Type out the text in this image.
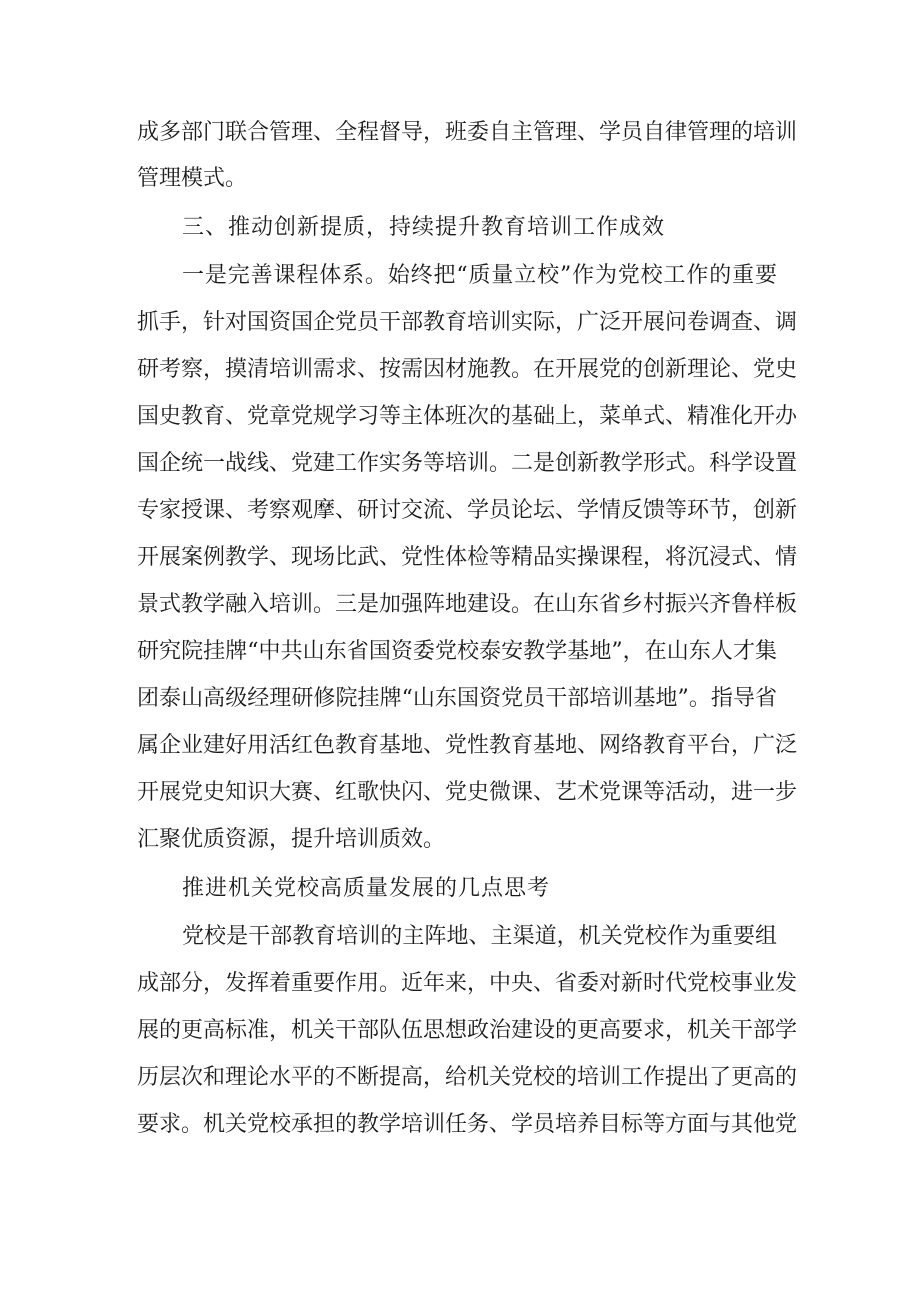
成多部门联合管理、全程督导，班委自主管理、学员自律管理的培训
管理模式。
三、推动创新提质，持续提升教育培训工作成效
一是完善课程体系。始终把“质量立校”作为党校工作的重要
抓手，针对国资国企党员干部教育培训实际，广泛开展问卷调查、调
研考察，摸清培训需求、按需因材施教。在开展党的创新理论、党史
国史教育、党章党规学习等主体班次的基础上，菜单式、精准化开办
国企统一战线、党建工作实务等培训。二是创新教学形式。科学设置
专家授课、考察观摩、研讨交流、学员论坛、学情反馈等环节，创新
开展案例教学、现场比武、党性体检等精品实操课程，将沉浸式、情
景式教学融入培训。三是加强阵地建设。在山东省乡村振兴齐鲁样板
研究院挂牌“中共山东省国资委党校泰安教学基地”，在山东人才集
团泰山高级经理研修院挂牌“山东国资党员干部培训基地”。指导省
属企业建好用活红色教育基地、党性教育基地、网络教育平台，广泛
开展党史知识大赛、红歌快闪、党史微课、艺术党课等活动，进一步
汇聚优质资源，提升培训质效。
推进机关党校高质量发展的几点思考
党校是干部教育培训的主阵地、主渠道，机关党校作为重要组
成部分，发挥着重要作用。近年来，中央、省委对新时代党校事业发
展的更高标准，机关干部队伍思想政治建设的更高要求，机关干部学
历层次和理论水平的不断提高，给机关党校的培训工作提出了更高的
要求。机关党校承担的教学培训任务、学员培养目标等方面与其他党
